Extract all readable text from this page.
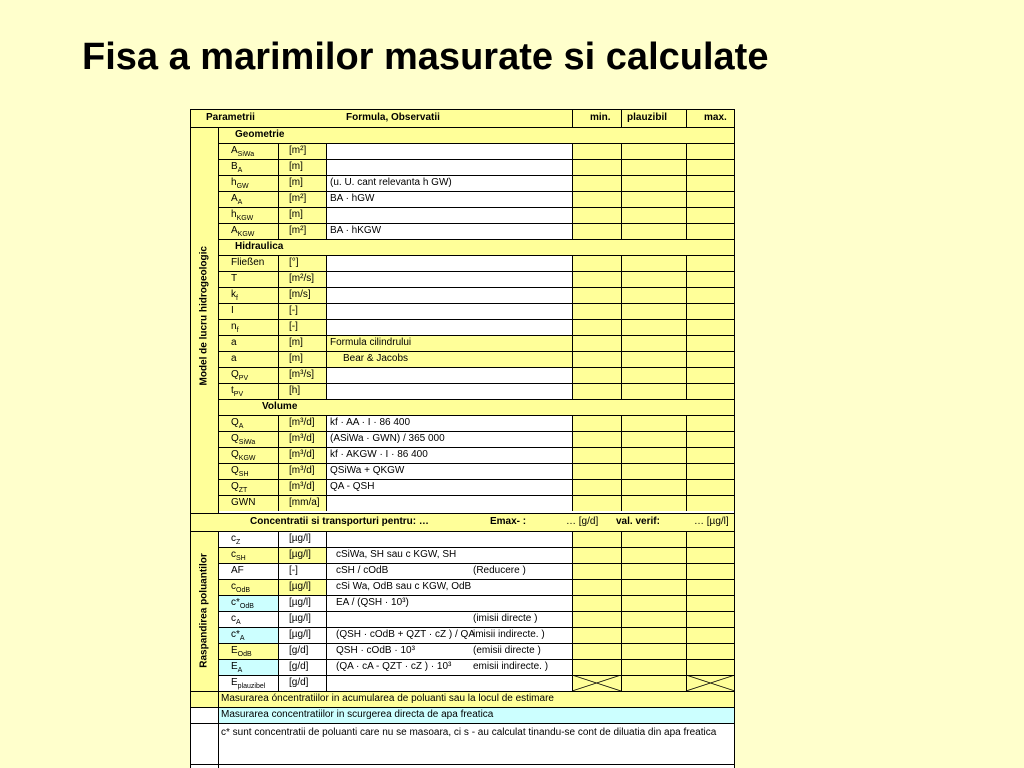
Fisa a marimilor masurate si calculate
Parametrii	Formula, Observatii	min. plauzibil	max.
Geometrie
Hidraulica
Volume
Model de lucru hidrogeologic
Raspandirea poluantilor
$A_{SiWa}$	[m²]
$B_A$	[m]
$h_{GW}$	[m]	(u. U. cant relevanta h GW)
$A_A$	[m²] BA · hGW
$h_{KGW}$	[m]
$A_{KGW}$	[m²] BA · hKGW
Fließen [°]
T	[m²/s]
$k_f$	[m/s]
I	[-]
$n_f$	[-]
a	[m]	Formula cilindrului
a	[m]	Bear & Jacobs
$Q_{PV}$	[m³/s]
$t_{PV}$	[h]
$Q_A$	[m³/d] kf · AA · I · 86 400
$Q_{SiWa}$	[m³/d] (ASiWa · GWN) / 365 000
$Q_{KGW}$	[m³/d] kf · AKGW · I · 86 400
$Q_{SH}$	[m³/d] QSiWa + QKGW
$Q_{ZT}$	[m³/d] QA - QSH
GWN	[mm/a]
Concentratii si transporturi pentru: …	Emax- :	… [g/d] val. verif:	… [µg/l]
$c_Z$	[µg/l]
$c_{SH}$	[µg/l]	cSiWa, SH sau c KGW, SH
AF	[-]	cSH / cOdB	(Reducere )
$c_{OdB}$	[µg/l]	cSi Wa, OdB sau c KGW, OdB
$c*_{OdB}$	[µg/l]	EA / (QSH · 10³)
$c_A$	[µg/l]	(imisii directe )
$c*_A$	[µg/l]	(QSH · cOdB + QZT · cZ ) / QA
imisii indirecte. )
$E_{OdB}$	[g/d]	QSH · cOdB · 10³	(emisii directe )
$E_A$	[g/d]	(QA · cA - QZT · cZ ) · 10³ emisii indirecte. )
$E_{plauzibel}$ [g/d]
Masurarea óncentratiilor in acumularea de poluanti sau la locul de estimare
Masurarea concentratiilor in scurgerea directa de apa freatica
c* sunt concentratii de poluanti care nu se masoara, ci s - au calculat tinandu-se cont de diluatia din apa freatica
